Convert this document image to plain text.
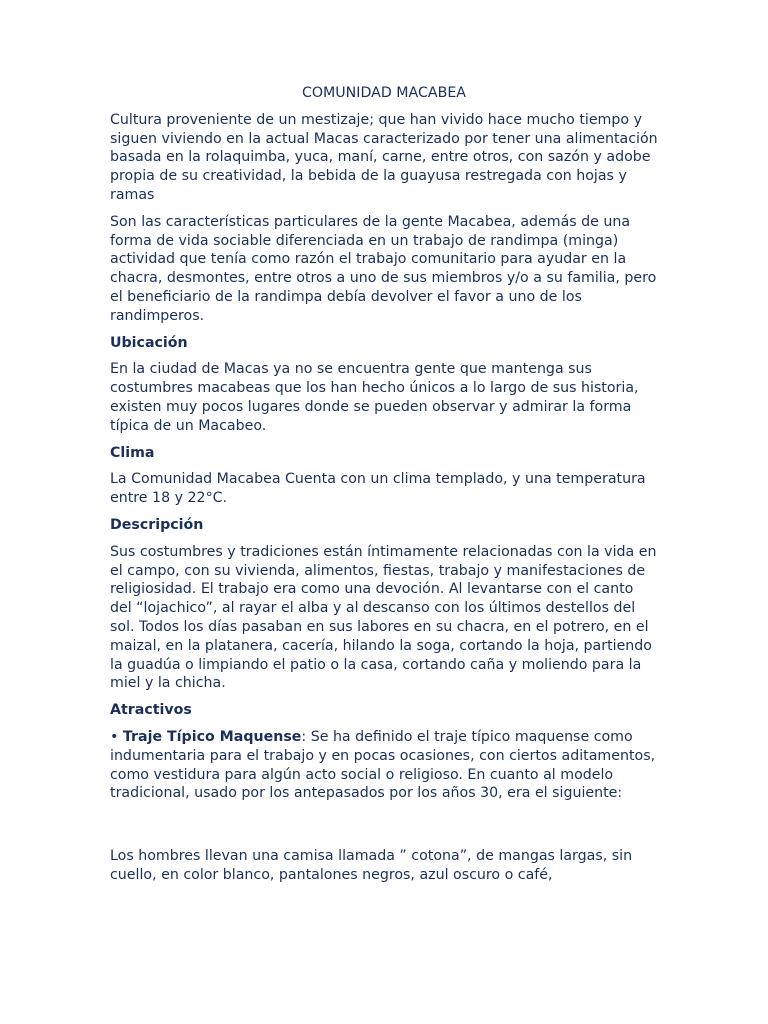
COMUNIDAD MACABEA

Cultura proveniente de un mestizaje; que han vivido hace mucho tiempo y siguen viviendo en la actual Macas caracterizado por tener una alimentación basada en la rolaquimba, yuca, maní, carne, entre otros, con sazón y adobe propia de su creatividad, la bebida de la guayusa restregada con hojas y ramas

Son las características particulares de la gente Macabea, además de una forma de vida sociable diferenciada en un trabajo de randimpa (minga) actividad que tenía como razón el trabajo comunitario para ayudar en la chacra, desmontes, entre otros a uno de sus miembros y/o a su familia, pero el beneficiario de la randimpa debía devolver el favor a uno de los randimperos.

Ubicación

En la ciudad de Macas ya no se encuentra gente que mantenga sus costumbres macabeas que los han hecho únicos a lo largo de sus historia, existen muy pocos lugares donde se pueden observar y admirar la forma típica de un Macabeo.

Clima

La Comunidad Macabea Cuenta con un clima templado, y una temperatura entre 18 y 22°C.

Descripción

Sus costumbres y tradiciones están íntimamente relacionadas con la vida en el campo, con su vivienda, alimentos, fiestas, trabajo y manifestaciones de religiosidad. El trabajo era como una devoción. Al levantarse con el canto del “lojachico”, al rayar el alba y al descanso con los últimos destellos del sol. Todos los días pasaban en sus labores en su chacra, en el potrero, en el maizal, en la platanera, cacería, hilando la soga, cortando la hoja, partiendo la guadúa o limpiando el patio o la casa, cortando caña y moliendo para la miel y la chicha.

Atractivos

• Traje Típico Maquense: Se ha definido el traje típico maquense como indumentaria para el trabajo y en pocas ocasiones, con ciertos aditamentos, como vestidura para algún acto social o religioso. En cuanto al modelo tradicional, usado por los antepasados por los años 30, era el siguiente:

Los hombres llevan una camisa llamada ” cotona”, de mangas largas, sin cuello, en color blanco, pantalones negros, azul oscuro o café,
